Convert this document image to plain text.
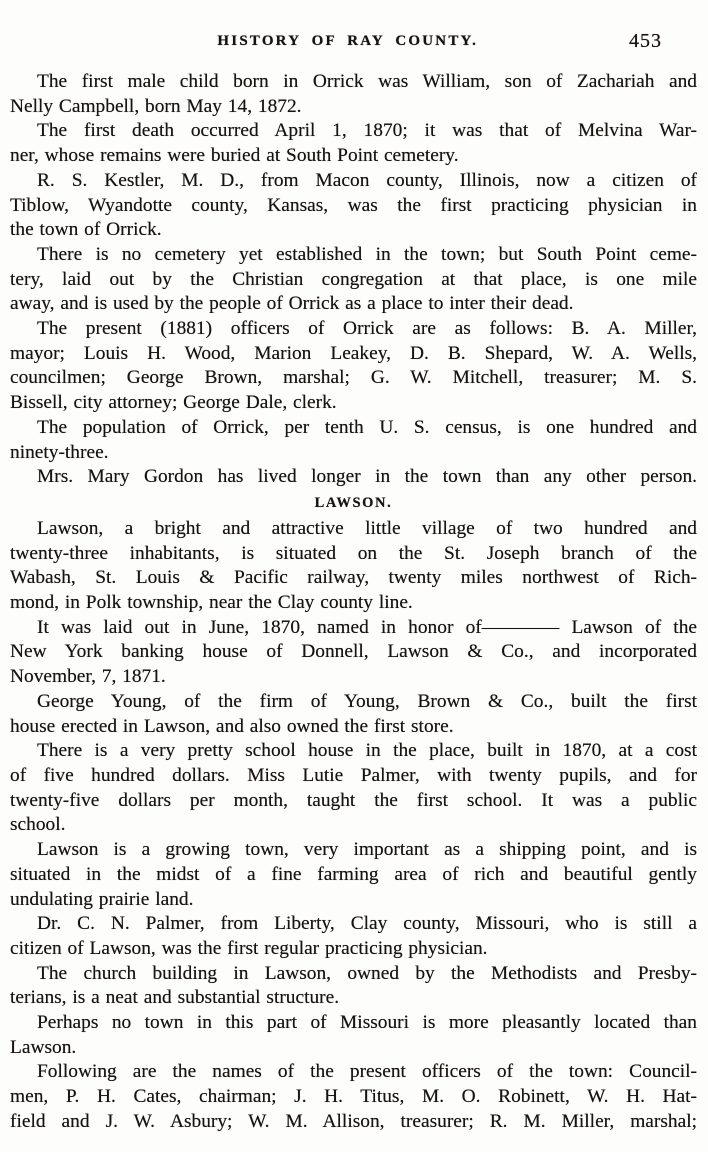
HISTORY OF RAY COUNTY.	453
The first male child born in Orrick was William, son of Zachariah and
Nelly Campbell, born May 14, 1872.
The first death occurred April 1, 1870; it was that of Melvina War-
ner, whose remains were buried at South Point cemetery.
R. S. Kestler, M. D., from Macon county, Illinois, now a citizen of
Tiblow, Wyandotte county, Kansas, was the first practicing physician in
the town of Orrick.
There is no cemetery yet established in the town; but South Point ceme-
tery, laid out by the Christian congregation at that place, is one mile
away, and is used by the people of Orrick as a place to inter their dead.
The present (1881) officers of Orrick are as follows: B. A. Miller,
mayor; Louis H. Wood, Marion Leakey, D. B. Shepard, W. A. Wells,
councilmen; George Brown, marshal; G. W. Mitchell, treasurer; M. S.
Bissell, city attorney; George Dale, clerk.
The population of Orrick, per tenth U. S. census, is one hundred and
ninety-three.
Mrs. Mary Gordon has lived longer in the town than any other person.
LAWSON.
Lawson, a bright and attractive little village of two hundred and
twenty-three inhabitants, is situated on the St. Joseph branch of the
Wabash, St. Louis & Pacific railway, twenty miles northwest of Rich-
mond, in Polk township, near the Clay county line.
It was laid out in June, 1870, named in honor of———— Lawson of the
New York banking house of Donnell, Lawson & Co., and incorporated
November, 7, 1871.
George Young, of the firm of Young, Brown & Co., built the first
house erected in Lawson, and also owned the first store.
There is a very pretty school house in the place, built in 1870, at a cost
of five hundred dollars. Miss Lutie Palmer, with twenty pupils, and for
twenty-five dollars per month, taught the first school. It was a public
school.
Lawson is a growing town, very important as a shipping point, and is
situated in the midst of a fine farming area of rich and beautiful gently
undulating prairie land.
Dr. C. N. Palmer, from Liberty, Clay county, Missouri, who is still a
citizen of Lawson, was the first regular practicing physician.
The church building in Lawson, owned by the Methodists and Presby-
terians, is a neat and substantial structure.
Perhaps no town in this part of Missouri is more pleasantly located than
Lawson.
Following are the names of the present officers of the town: Council-
men, P. H. Cates, chairman; J. H. Titus, M. O. Robinett, W. H. Hat-
field and J. W. Asbury; W. M. Allison, treasurer; R. M. Miller, marshal;
